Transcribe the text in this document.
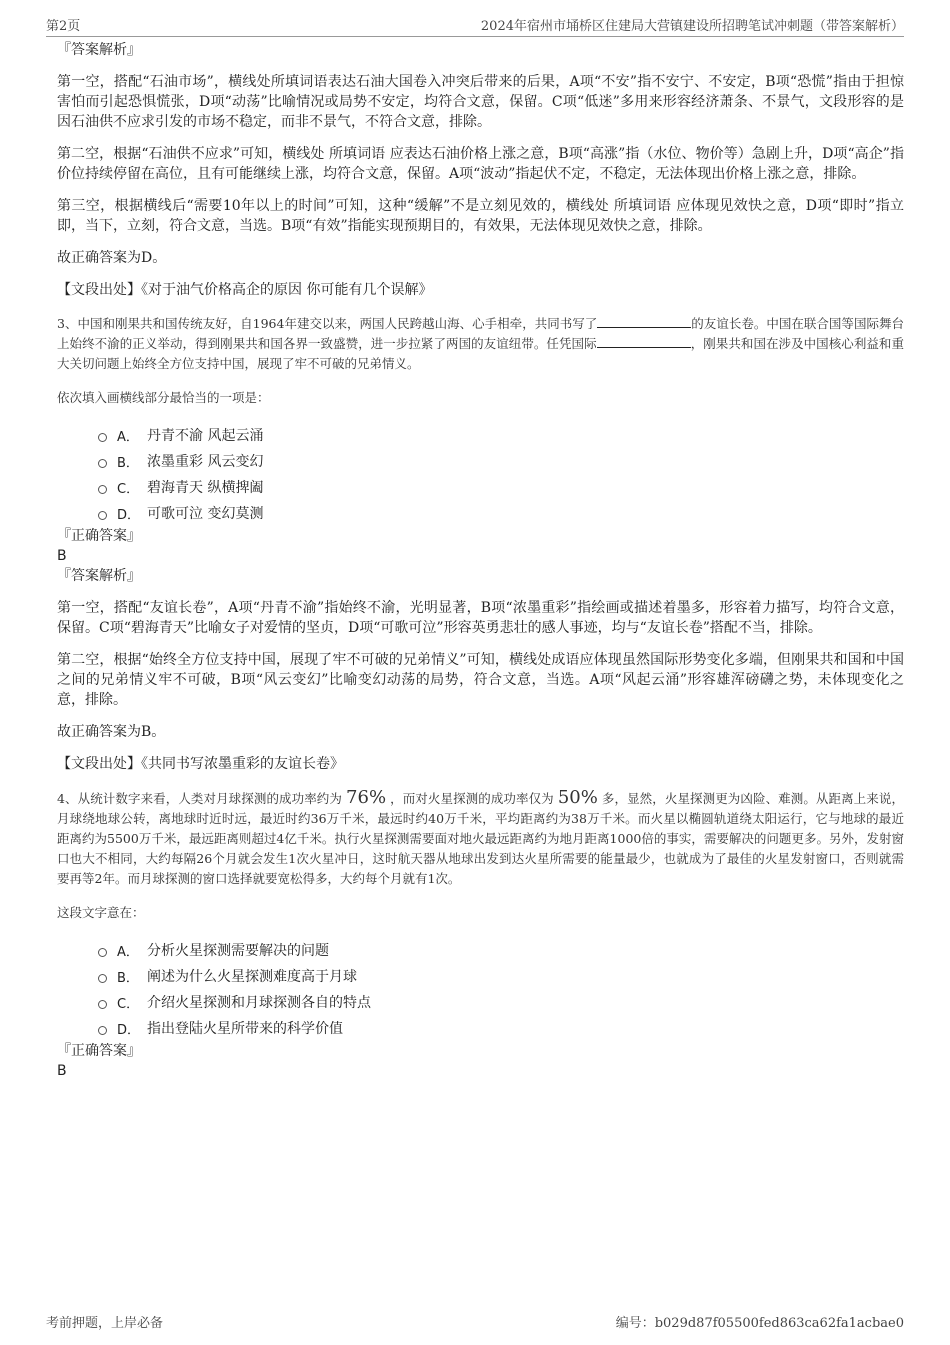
第2页	2024年宿州市埇桥区住建局大营镇建设所招聘笔试冲刺题（带答案解析）
『答案解析』

第一空，搭配“石油市场”，横线处所填词语表达石油大国卷入冲突后带来的后果，A项“不安”指不安宁、不安定，B项“恐慌”指由于担惊害怕而引起恐惧慌张，D项“动荡”比喻情况或局势不安定，均符合文意，保留。C项“低迷”多用来形容经济萧条、不景气，文段形容的是因石油供不应求引发的市场不稳定，而非不景气，不符合文意，排除。

第二空，根据“石油供不应求”可知，横线处 所填词语 应表达石油价格上涨之意，B项“高涨”指（水位、物价等）急剧上升，D项“高企”指价位持续停留在高位，且有可能继续上涨，均符合文意，保留。A项“波动”指起伏不定，不稳定，无法体现出价格上涨之意，排除。

第三空，根据横线后“需要10年以上的时间”可知，这种“缓解”不是立刻见效的，横线处 所填词语 应体现见效快之意，D项“即时”指立即，当下，立刻，符合文意，当选。B项“有效”指能实现预期目的，有效果，无法体现见效快之意，排除。

故正确答案为D。

【文段出处】《对于油气价格高企的原因 你可能有几个误解》
3、中国和刚果共和国传统友好，自1964年建交以来，两国人民跨越山海、心手相牵，共同书写了	的友谊长卷。中国在联合国等国际舞台上始终不渝的正义举动，得到刚果共和国各界一致盛赞，进一步拉紧了两国的友谊纽带。任凭国际	，刚果共和国在涉及中国核心利益和重大关切问题上始终全方位支持中国，展现了牢不可破的兄弟情义。
依次填入画横线部分最恰当的一项是：
A． 丹青不渝 风起云涌
B． 浓墨重彩 风云变幻
C． 碧海青天 纵横捭阖
D． 可歌可泣 变幻莫测
『正确答案』
B
『答案解析』

第一空，搭配“友谊长卷”，A项“丹青不渝”指始终不渝，光明显著，B项“浓墨重彩”指绘画或描述着墨多，形容着力描写，均符合文意，保留。C项“碧海青天”比喻女子对爱情的坚贞，D项“可歌可泣”形容英勇悲壮的感人事迹，均与“友谊长卷”搭配不当，排除。

第二空，根据“始终全方位支持中国，展现了牢不可破的兄弟情义”可知，横线处成语应体现虽然国际形势变化多端，但刚果共和国和中国之间的兄弟情义牢不可破，B项“风云变幻”比喻变幻动荡的局势，符合文意，当选。A项“风起云涌”形容雄浑磅礴之势，未体现变化之意，排除。

故正确答案为B。

【文段出处】《共同书写浓墨重彩的友谊长卷》
4、从统计数字来看，人类对月球探测的成功率约为 76% ，而对火星探测的成功率仅为 50% 多，显然，火星探测更为凶险、难测。从距离上来说，月球绕地球公转，离地球时近时远，最近时约36万千米，最远时约40万千米，平均距离约为38万千米。而火星以椭圆轨道绕太阳运行，它与地球的最近距离约为5500万千米，最远距离则超过4亿千米。执行火星探测需要面对地火最远距离约为地月距离1000倍的事实，需要解决的问题更多。另外，发射窗口也大不相同，大约每隔26个月就会发生1次火星冲日，这时航天器从地球出发到达火星所需要的能量最少，也就成为了最佳的火星发射窗口，否则就需要再等2年。而月球探测的窗口选择就要宽松得多，大约每个月就有1次。
这段文字意在：
A． 分析火星探测需要解决的问题
B． 阐述为什么火星探测难度高于月球
C． 介绍火星探测和月球探测各自的特点
D． 指出登陆火星所带来的科学价值
『正确答案』
B
考前押题，上岸必备	编号：b029d87f05500fed863ca62fa1acbae0
